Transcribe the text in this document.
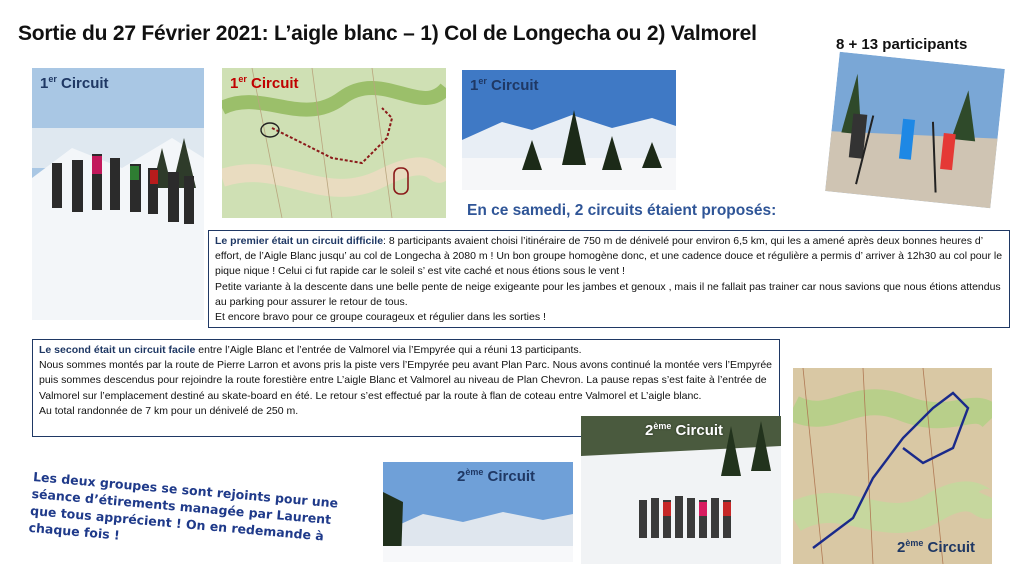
Sortie du 27 Février 2021: L’aigle blanc – 1) Col de Longecha ou 2) Valmorel	8 + 13 participants
1er Circuit	1er Circuit	1er Circuit
En ce samedi, 2 circuits étaient proposés:

Le premier était un circuit difficile: 8 participants avaient choisi l’itinéraire de 750 m de dénivelé pour environ 6,5 km, qui les a amené après deux bonnes heures d’ effort, de l’Aigle Blanc jusqu’ au col de Longecha à 2080 m ! Un bon groupe homogène donc, et une cadence douce et régulière a permis d’ arriver à 12h30 au col pour le pique nique ! Celui ci fut rapide car le soleil s’ est vite caché et nous étions sous le vent !

Petite variante à la descente dans une belle pente de neige exigeante pour les jambes et genoux , mais il ne fallait pas trainer car nous savions que nous étions attendus au parking pour assurer le retour de tous.

Et encore bravo pour ce groupe courageux et régulier dans les sorties !

Le second était un circuit facile entre l’Aigle Blanc et l’entrée de Valmorel via l’Empyrée qui a réuni 13 participants.

Nous sommes montés par la route de Pierre Larron et avons pris la piste vers l’Empyrée peu avant Plan Parc. Nous avons continué la montée vers l’Empyrée puis sommes descendus pour rejoindre la route forestière entre L’aigle Blanc et Valmorel au niveau de Plan Chevron. La pause repas s’est faite à l’entrée de Valmorel sur l’emplacement destiné au skate-board en été. Le retour s’est effectué par la route à flan de coteau entre Valmorel et L’aigle blanc.

Au total randonnée de 7 km pour un dénivelé de 250 m.

2ème Circuit
2ème Circuit
2ème Circuit
Les deux groupes se sont rejoints pour une séance d’étirements managée par Laurent que tous apprécient ! On en redemande à chaque fois !
